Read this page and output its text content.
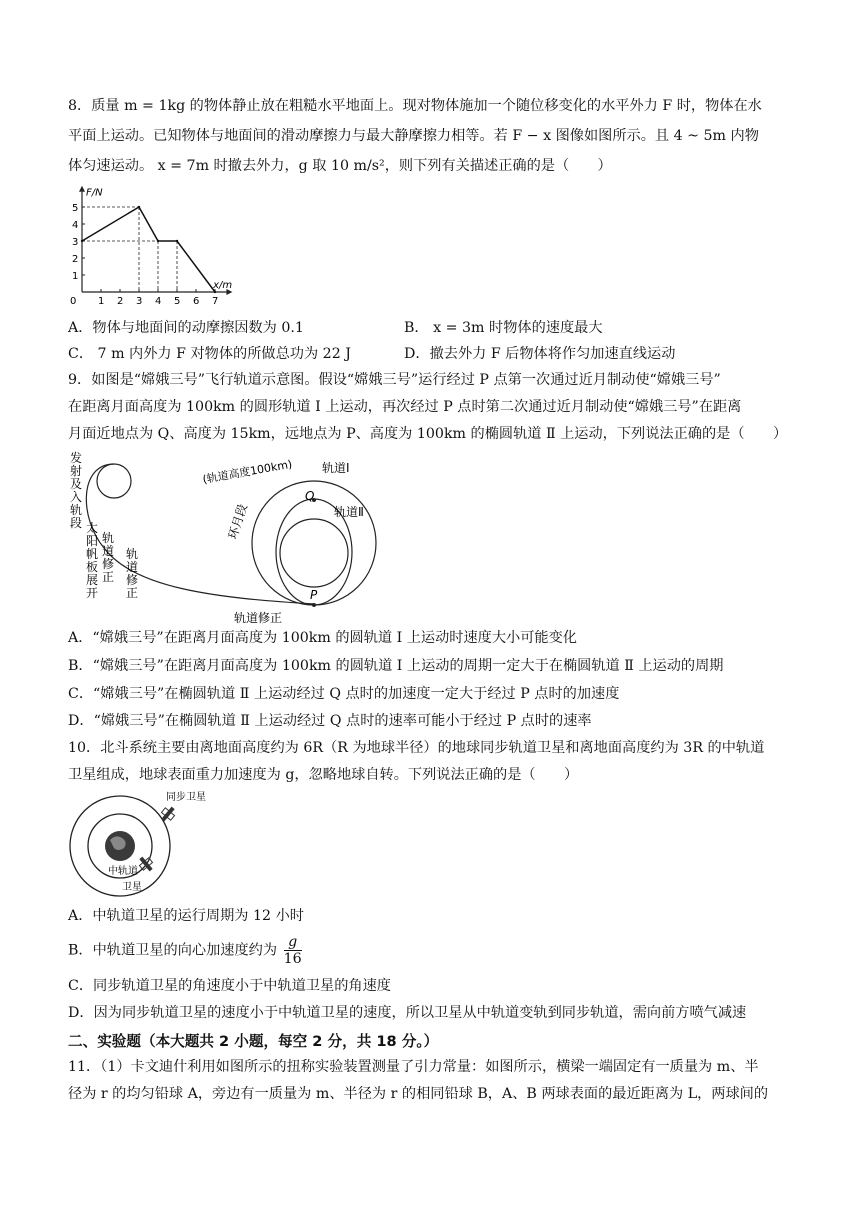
8．质量 m = 1kg 的物体静止放在粗糙水平地面上。现对物体施加一个随位移变化的水平外力 F 时，物体在水
平面上运动。已知物体与地面间的滑动摩擦力与最大静摩擦力相等。若 F − x 图像如图所示。且 4 ~ 5m 内物
体匀速运动。 x = 7m 时撤去外力，g 取 10 m/s²，则下列有关描述正确的是（　　）
1 2 3 4 5 6 7
1
2
3
4
5
0
F/N
x/m
A．物体与地面间的动摩擦因数为 0.1	B． x = 3m 时物体的速度最大
C． 7 m 内外力 F 对物体的所做总功为 22 J	D．撤去外力 F 后物体将作匀加速直线运动
9．如图是“嫦娥三号”飞行轨道示意图。假设“嫦娥三号”运行经过 P 点第一次通过近月制动使“嫦娥三号”
在距离月面高度为 100km 的圆形轨道 Ⅰ 上运动，再次经过 P 点时第二次通过近月制动使“嫦娥三号”在距离
月面近地点为 Q、高度为 15km，远地点为 P、高度为 100km 的椭圆轨道 Ⅱ 上运动，下列说法正确的是（　　）
发射及入轨段 太阳帆板展开
轨道修正
轨道修正
(轨道高度100km) 轨道Ⅰ
轨道Ⅱ
Q
P
轨道修正
环月段
A．“嫦娥三号”在距离月面高度为 100km 的圆轨道 Ⅰ 上运动时速度大小可能变化
B．“嫦娥三号”在距离月面高度为 100km 的圆轨道 Ⅰ 上运动的周期一定大于在椭圆轨道 Ⅱ 上运动的周期
C．“嫦娥三号”在椭圆轨道 Ⅱ 上运动经过 Q 点时的加速度一定大于经过 P 点时的加速度
D．“嫦娥三号”在椭圆轨道 Ⅱ 上运动经过 Q 点时的速率可能小于经过 P 点时的速率
10．北斗系统主要由离地面高度约为 6R（R 为地球半径）的地球同步轨道卫星和离地面高度约为 3R 的中轨道
卫星组成，地球表面重力加速度为 g，忽略地球自转。下列说法正确的是（　　）
同步卫星
中轨道
卫星
A．中轨道卫星的运行周期为 12 小时
B．中轨道卫星的向心加速度约为 $\frac{g}{16}$
C．同步轨道卫星的角速度小于中轨道卫星的角速度
D．因为同步轨道卫星的速度小于中轨道卫星的速度，所以卫星从中轨道变轨到同步轨道，需向前方喷气减速
二、实验题（本大题共 2 小题，每空 2 分，共 18 分。）
11．（1）卡文迪什利用如图所示的扭称实验装置测量了引力常量：如图所示，横梁一端固定有一质量为 m、半
径为 r 的均匀铅球 A，旁边有一质量为 m、半径为 r 的相同铅球 B，A、B 两球表面的最近距离为 L，两球间的
